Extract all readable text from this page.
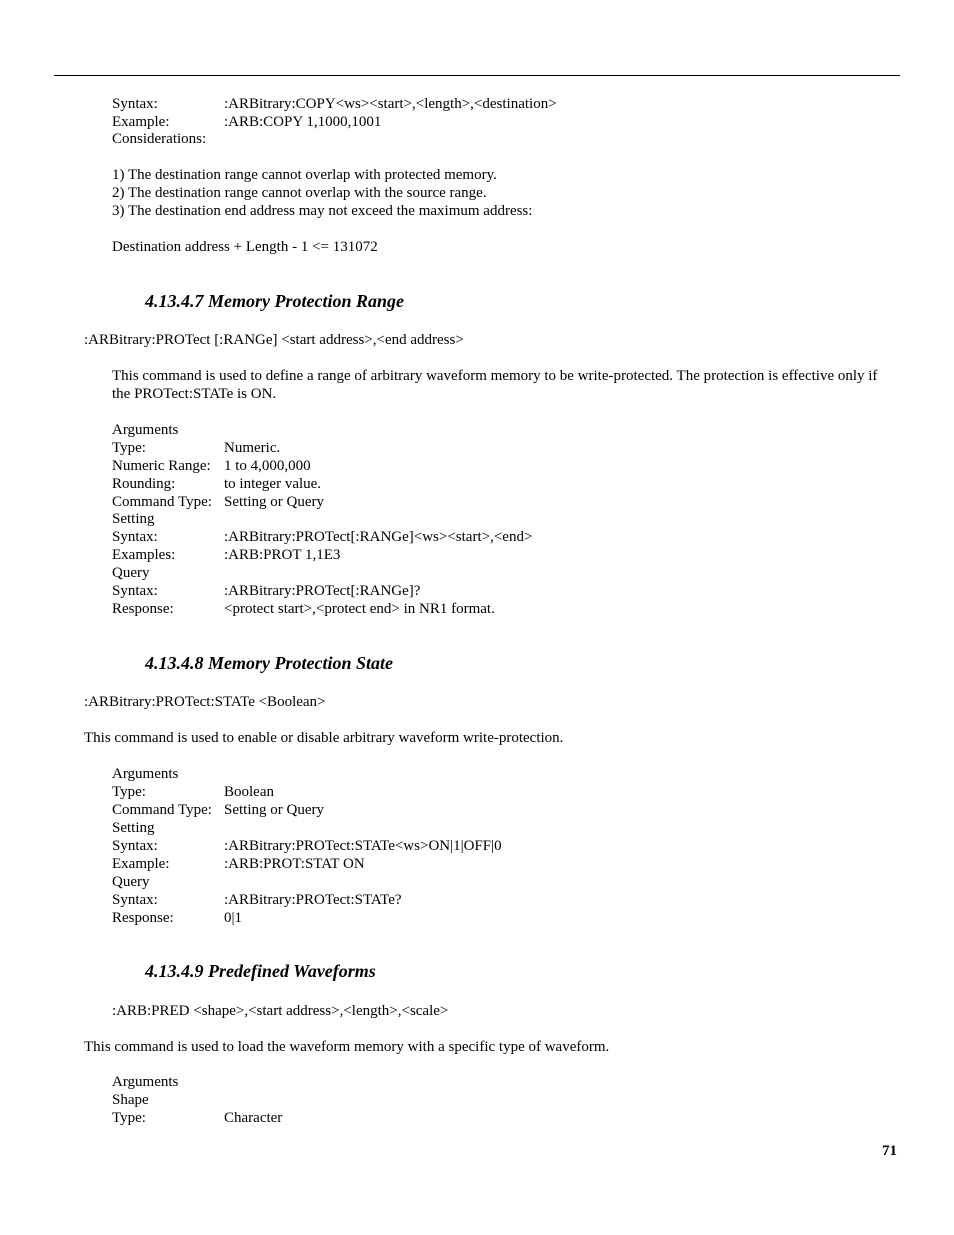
Syntax:	:ARBitrary:COPY<ws><start>,<length>,<destination>
Example:	:ARB:COPY 1,1000,1001
Considerations:
1) The destination range cannot overlap with protected memory.
2) The destination range cannot overlap with the source range.
3) The destination end address may not exceed the maximum address:
Destination address + Length - 1 <= 131072
4.13.4.7 Memory Protection Range
:ARBitrary:PROTect [:RANGe] <start address>,<end address>
This command is used to define a range of arbitrary waveform memory to be write-protected. The protection is effective only if the PROTect:STATe is ON.
Arguments
Type:	Numeric.
Numeric Range: 1 to 4,000,000
Rounding:	to integer value.
Command Type: Setting or Query
Setting
Syntax:	:ARBitrary:PROTect[:RANGe]<ws><start>,<end>
Examples:	:ARB:PROT 1,1E3
Query
Syntax:	:ARBitrary:PROTect[:RANGe]?
Response:	<protect start>,<protect end> in NR1 format.
4.13.4.8 Memory Protection State
:ARBitrary:PROTect:STATe <Boolean>
This command is used to enable or disable arbitrary waveform write-protection.
Arguments
Type:	Boolean
Command Type: Setting or Query
Setting
Syntax:	:ARBitrary:PROTect:STATe<ws>ON|1|OFF|0
Example:	:ARB:PROT:STAT ON
Query
Syntax:	:ARBitrary:PROTect:STATe?
Response:	0|1
4.13.4.9 Predefined Waveforms
:ARB:PRED <shape>,<start address>,<length>,<scale>
This command is used to load the waveform memory with a specific type of waveform.
Arguments
Shape
Type:	Character
71
